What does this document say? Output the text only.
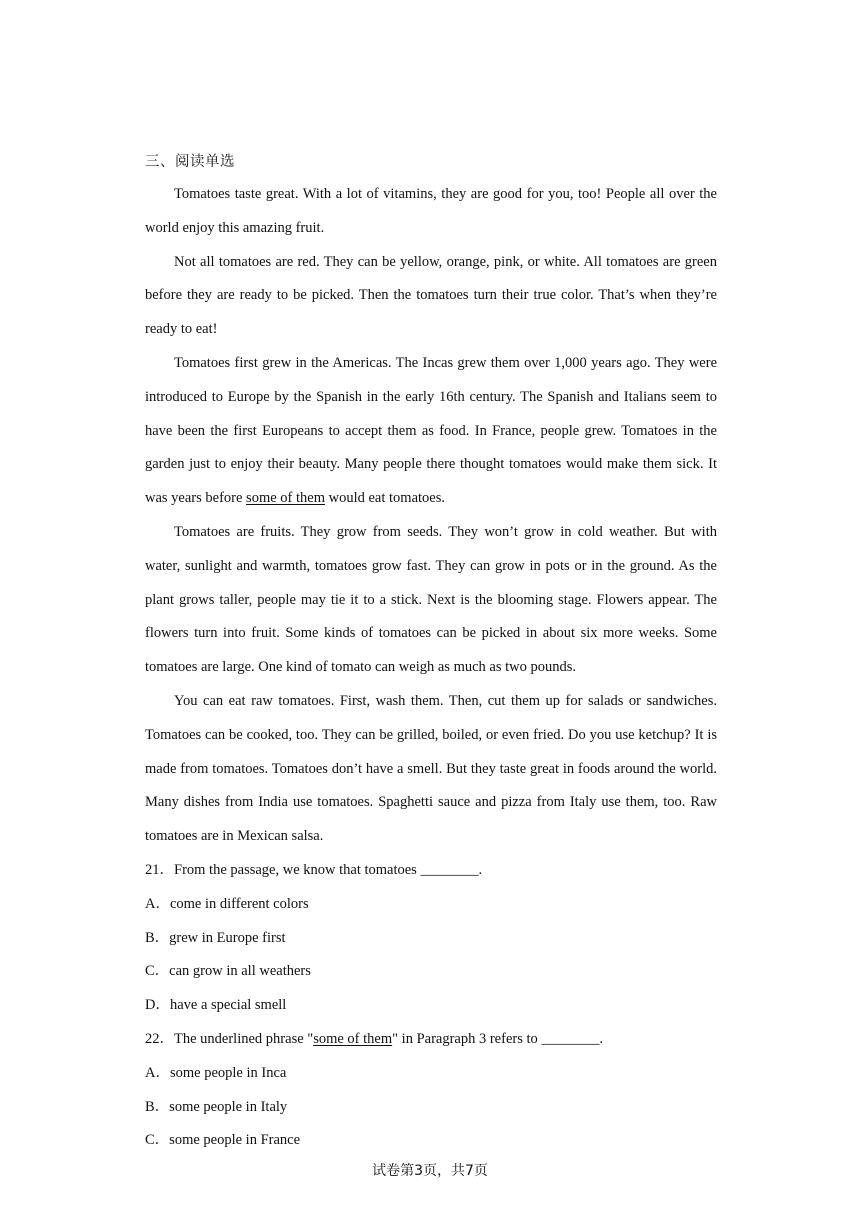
三、阅读单选

Tomatoes taste great. With a lot of vitamins, they are good for you, too! People all over the world enjoy this amazing fruit.

Not all tomatoes are red. They can be yellow, orange, pink, or white. All tomatoes are green before they are ready to be picked. Then the tomatoes turn their true color. That’s when they’re ready to eat!

Tomatoes first grew in the Americas. The Incas grew them over 1,000 years ago. They were introduced to Europe by the Spanish in the early 16th century. The Spanish and Italians seem to have been the first Europeans to accept them as food. In France, people grew. Tomatoes in the garden just to enjoy their beauty. Many people there thought tomatoes would make them sick. It was years before some of them would eat tomatoes.

Tomatoes are fruits. They grow from seeds. They won’t grow in cold weather. But with water, sunlight and warmth, tomatoes grow fast. They can grow in pots or in the ground. As the plant grows taller, people may tie it to a stick. Next is the blooming stage. Flowers appear. The flowers turn into fruit. Some kinds of tomatoes can be picked in about six more weeks. Some tomatoes are large. One kind of tomato can weigh as much as two pounds.

You can eat raw tomatoes. First, wash them. Then, cut them up for salads or sandwiches. Tomatoes can be cooked, too. They can be grilled, boiled, or even fried. Do you use ketchup? It is made from tomatoes. Tomatoes don’t have a smell. But they taste great in foods around the world. Many dishes from India use tomatoes. Spaghetti sauce and pizza from Italy use them, too. Raw tomatoes are in Mexican salsa.

21．From the passage, we know that tomatoes ________.

A．come in different colors

B．grew in Europe first

C．can grow in all weathers

D．have a special smell

22．The underlined phrase "some of them" in Paragraph 3 refers to ________.

A．some people in Inca

B．some people in Italy

C．some people in France

试卷第3页，共7页
